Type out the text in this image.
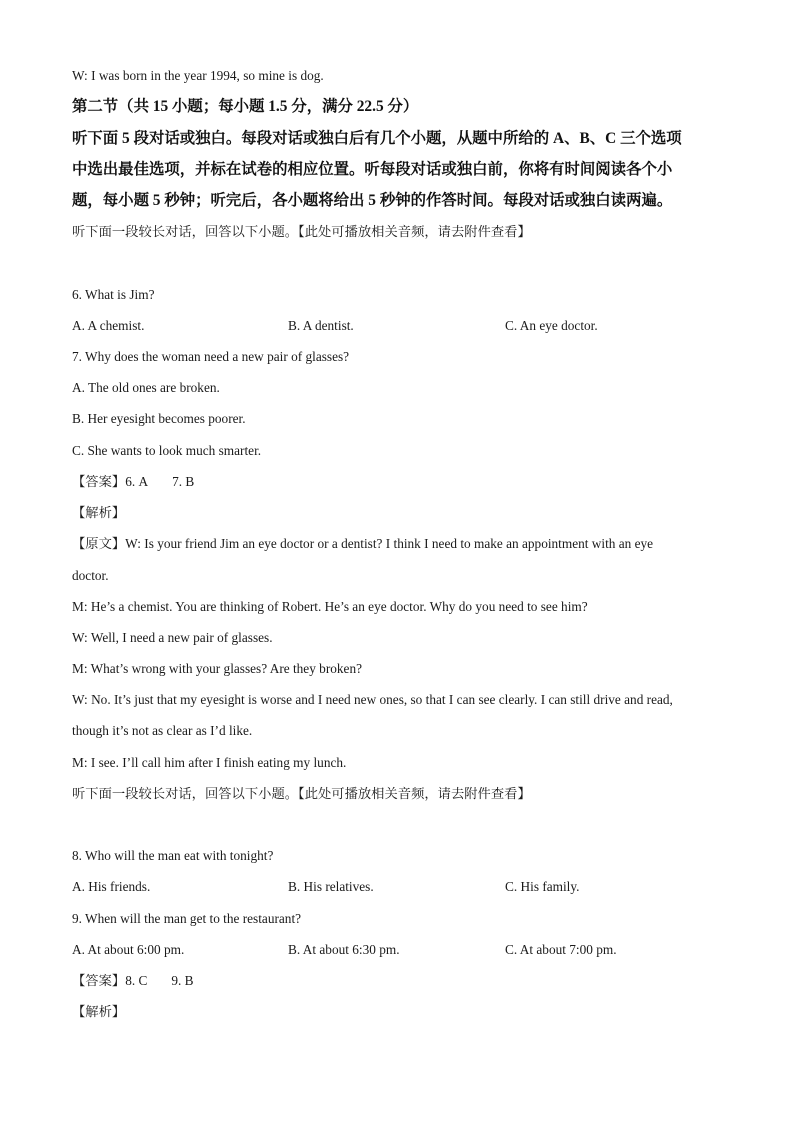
W: I was born in the year 1994, so mine is dog.
第二节（共 15 小题；每小题 1.5 分，满分 22.5 分）
听下面 5 段对话或独白。每段对话或独白后有几个小题，从题中所给的 A、B、C 三个选项
中选出最佳选项，并标在试卷的相应位置。听每段对话或独白前，你将有时间阅读各个小
题，每小题 5 秒钟；听完后，各小题将给出 5 秒钟的作答时间。每段对话或独白读两遍。
听下面一段较长对话，回答以下小题。【此处可播放相关音频，请去附件查看】
6. What is Jim?
A. A chemist.	B. A dentist.	C. An eye doctor.
7. Why does the woman need a new pair of glasses?
A. The old ones are broken.
B. Her eyesight becomes poorer.
C. She wants to look much smarter.
【答案】6. A 7. B
【解析】
【原文】W: Is your friend Jim an eye doctor or a dentist? I think I need to make an appointment with an eye
doctor.
M: He’s a chemist. You are thinking of Robert. He’s an eye doctor. Why do you need to see him?
W: Well, I need a new pair of glasses.
M: What’s wrong with your glasses? Are they broken?
W: No. It’s just that my eyesight is worse and I need new ones, so that I can see clearly. I can still drive and read,
though it’s not as clear as I’d like.
M: I see. I’ll call him after I finish eating my lunch.
听下面一段较长对话，回答以下小题。【此处可播放相关音频，请去附件查看】
8. Who will the man eat with tonight?
A. His friends.	B. His relatives.	C. His family.
9. When will the man get to the restaurant?
A. At about 6:00 pm.	B. At about 6:30 pm.	C. At about 7:00 pm.
【答案】8. C 9. B
【解析】
